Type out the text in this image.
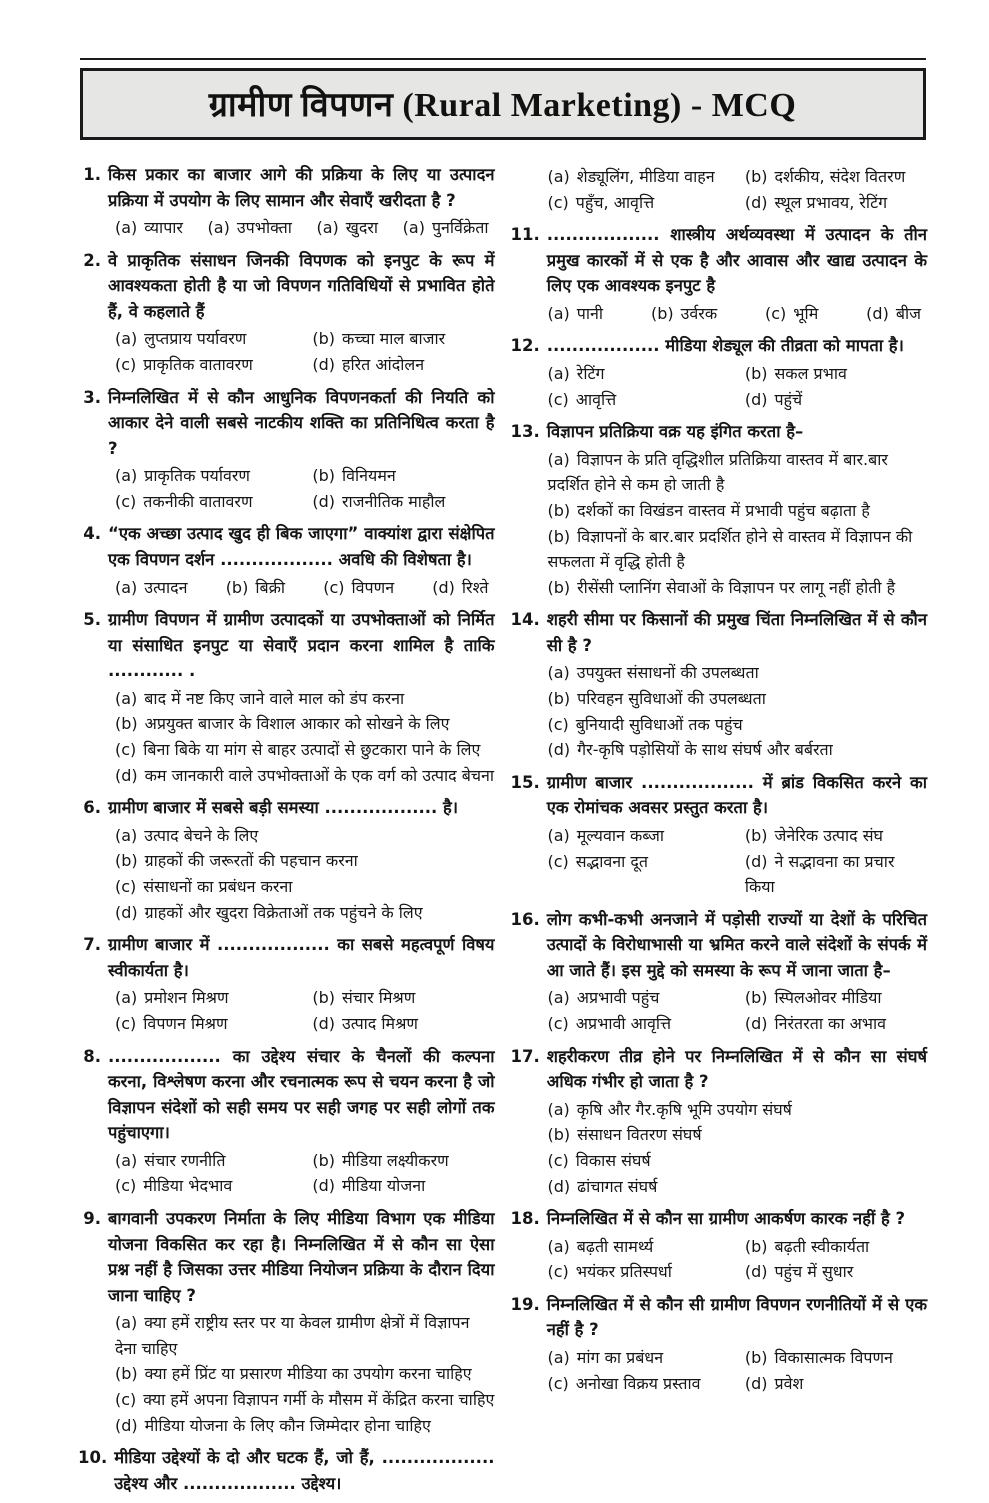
ग्रामीण विपणन (Rural Marketing) - MCQ
1. किस प्रकार का बाजार आगे की प्रक्रिया के लिए या उत्पादन प्रक्रिया में उपयोग के लिए सामान और सेवाएँ खरीदता है ?
(a) व्यापार (a) उपभोक्ता (a) खुदरा (a) पुनर्विक्रेता
2. वे प्राकृतिक संसाधन जिनकी विपणक को इनपुट के रूप में आवश्यकता होती है या जो विपणन गतिविधियों से प्रभावित होते हैं, वे कहलाते हैं
(a) लुप्तप्राय पर्यावरण	(b) कच्चा माल बाजार
(c) प्राकृतिक वातावरण	(d) हरित आंदोलन
3. निम्नलिखित में से कौन आधुनिक विपणनकर्ता की नियति को आकार देने वाली सबसे नाटकीय शक्ति का प्रतिनिधित्व करता है ?
(a) प्राकृतिक पर्यावरण	(b) विनियमन
(c) तकनीकी वातावरण	(d) राजनीतिक माहौल
4. “एक अच्छा उत्पाद खुद ही बिक जाएगा” वाक्यांश द्वारा संक्षेपित एक विपणन दर्शन .................. अवधि की विशेषता है।
(a) उत्पादन (b) बिक्री (c) विपणन (d) रिश्ते
5. ग्रामीण विपणन में ग्रामीण उत्पादकों या उपभोक्ताओं को निर्मित या संसाधित इनपुट या सेवाएँ प्रदान करना शामिल है ताकि ............ .
(a) बाद में नष्ट किए जाने वाले माल को डंप करना
(b) अप्रयुक्त बाजार के विशाल आकार को सोखने के लिए
(c) बिना बिके या मांग से बाहर उत्पादों से छुटकारा पाने के लिए
(d) कम जानकारी वाले उपभोक्ताओं के एक वर्ग को उत्पाद बेचना
6. ग्रामीण बाजार में सबसे बड़ी समस्या .................. है।
(a) उत्पाद बेचने के लिए
(b) ग्राहकों की जरूरतों की पहचान करना
(c) संसाधनों का प्रबंधन करना
(d) ग्राहकों और खुदरा विक्रेताओं तक पहुंचने के लिए
7. ग्रामीण बाजार में .................. का सबसे महत्वपूर्ण विषय स्वीकार्यता है।
(a) प्रमोशन मिश्रण	(b) संचार मिश्रण
(c) विपणन मिश्रण	(d) उत्पाद मिश्रण
8. .................. का उद्देश्य संचार के चैनलों की कल्पना करना, विश्लेषण करना और रचनात्मक रूप से चयन करना है जो विज्ञापन संदेशों को सही समय पर सही जगह पर सही लोगों तक पहुंचाएगा।
(a) संचार रणनीति	(b) मीडिया लक्ष्यीकरण
(c) मीडिया भेदभाव	(d) मीडिया योजना
9. बागवानी उपकरण निर्माता के लिए मीडिया विभाग एक मीडिया योजना विकसित कर रहा है। निम्नलिखित में से कौन सा ऐसा प्रश्न नहीं है जिसका उत्तर मीडिया नियोजन प्रक्रिया के दौरान दिया जाना चाहिए ?
(a) क्या हमें राष्ट्रीय स्तर पर या केवल ग्रामीण क्षेत्रों में विज्ञापन देना चाहिए
(b) क्या हमें प्रिंट या प्रसारण मीडिया का उपयोग करना चाहिए
(c) क्या हमें अपना विज्ञापन गर्मी के मौसम में केंद्रित करना चाहिए
(d) मीडिया योजना के लिए कौन जिम्मेदार होना चाहिए
10. मीडिया उद्देश्यों के दो और घटक हैं, जो हैं, .................. उद्देश्य और .................. उद्देश्य।
(a) शेड्यूलिंग, मीडिया वाहन	(b) दर्शकीय, संदेश वितरण
(c) पहुँच, आवृत्ति	(d) स्थूल प्रभावय, रेटिंग
11. .................. शास्त्रीय अर्थव्यवस्था में उत्पादन के तीन प्रमुख कारकों में से एक है और आवास और खाद्य उत्पादन के लिए एक आवश्यक इनपुट है
(a) पानी	(b) उर्वरक	(c) भूमि	(d) बीज
12. .................. मीडिया शेड्यूल की तीव्रता को मापता है।
(a) रेटिंग	(b) सकल प्रभाव
(c) आवृत्ति	(d) पहुंचें
13. विज्ञापन प्रतिक्रिया वक्र यह इंगित करता है–
(a) विज्ञापन के प्रति वृद्धिशील प्रतिक्रिया वास्तव में बार.बार प्रदर्शित होने से कम हो जाती है
(b) दर्शकों का विखंडन वास्तव में प्रभावी पहुंच बढ़ाता है
(b) विज्ञापनों के बार.बार प्रदर्शित होने से वास्तव में विज्ञापन की सफलता में वृद्धि होती है
(b) रीसेंसी प्लानिंग सेवाओं के विज्ञापन पर लागू नहीं होती है
14. शहरी सीमा पर किसानों की प्रमुख चिंता निम्नलिखित में से कौन सी है ?
(a) उपयुक्त संसाधनों की उपलब्धता
(b) परिवहन सुविधाओं की उपलब्धता
(c) बुनियादी सुविधाओं तक पहुंच
(d) गैर-कृषि पड़ोसियों के साथ संघर्ष और बर्बरता
15. ग्रामीण बाजार .................. में ब्रांड विकसित करने का एक रोमांचक अवसर प्रस्तुत करता है।
(a) मूल्यवान कब्जा	(b) जेनेरिक उत्पाद संघ
(c) सद्भावना दूत	(d) ने सद्भावना का प्रचार किया
16. लोग कभी-कभी अनजाने में पड़ोसी राज्यों या देशों के परिचित उत्पादों के विरोधाभासी या भ्रमित करने वाले संदेशों के संपर्क में आ जाते हैं। इस मुद्दे को समस्या के रूप में जाना जाता है–
(a) अप्रभावी पहुंच	(b) स्पिलओवर मीडिया
(c) अप्रभावी आवृत्ति	(d) निरंतरता का अभाव
17. शहरीकरण तीव्र होने पर निम्नलिखित में से कौन सा संघर्ष अधिक गंभीर हो जाता है ?
(a) कृषि और गैर.कृषि भूमि उपयोग संघर्ष
(b) संसाधन वितरण संघर्ष
(c) विकास संघर्ष
(d) ढांचागत संघर्ष
18. निम्नलिखित में से कौन सा ग्रामीण आकर्षण कारक नहीं है ?
(a) बढ़ती सामर्थ्य	(b) बढ़ती स्वीकार्यता
(c) भयंकर प्रतिस्पर्धा	(d) पहुंच में सुधार
19. निम्नलिखित में से कौन सी ग्रामीण विपणन रणनीतियों में से एक नहीं है ?
(a) मांग का प्रबंधन	(b) विकासात्मक विपणन
(c) अनोखा विक्रय प्रस्ताव	(d) प्रवेश
